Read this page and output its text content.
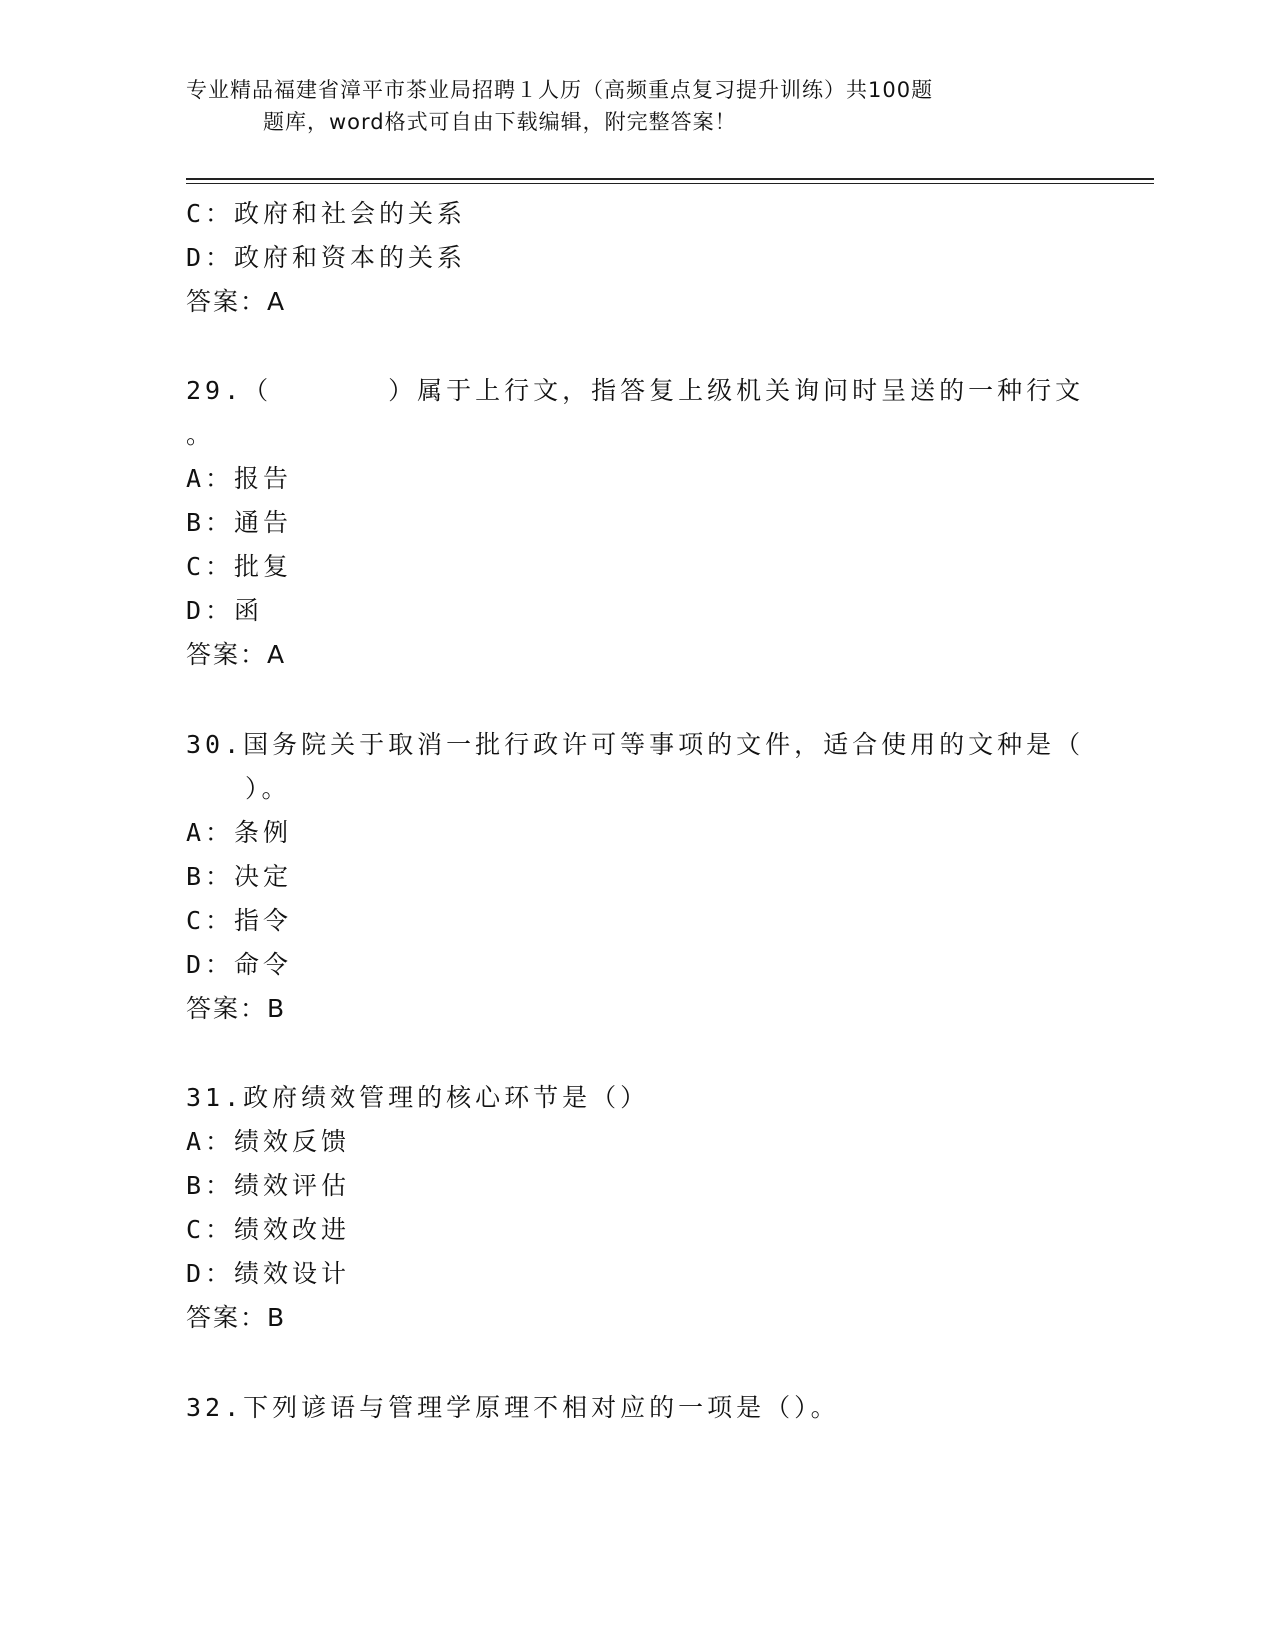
专业精品福建省漳平市茶业局招聘１人历（高频重点复习提升训练）共100题
题库，word格式可自由下载编辑，附完整答案！
C：政府和社会的关系
D：政府和资本的关系
答案：A
29.（　　　　）属于上行文，指答复上级机关询问时呈送的一种行文
。
A：报告
B：通告
C：批复
D：函
答案：A
30.国务院关于取消一批行政许可等事项的文件，适合使用的文种是（
　）。
A：条例
B：决定
C：指令
D：命令
答案：B
31.政府绩效管理的核心环节是（）
A：绩效反馈
B：绩效评估
C：绩效改进
D：绩效设计
答案：B
32.下列谚语与管理学原理不相对应的一项是（）。
